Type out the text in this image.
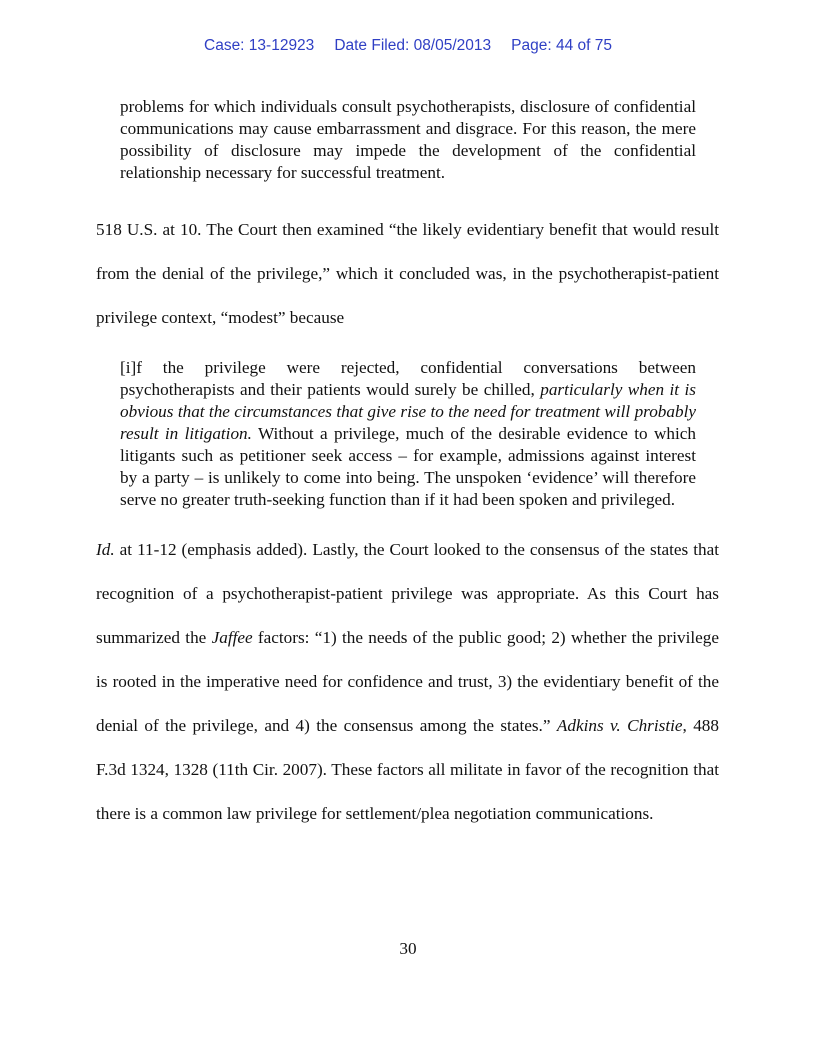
Case: 13-12923 Date Filed: 08/05/2013 Page: 44 of 75

problems for which individuals consult psychotherapists, disclosure of confidential communications may cause embarrassment and disgrace. For this reason, the mere possibility of disclosure may impede the development of the confidential relationship necessary for successful treatment.

518 U.S. at 10. The Court then examined “the likely evidentiary benefit that would result from the denial of the privilege,” which it concluded was, in the psychotherapist-patient privilege context, “modest” because

[i]f the privilege were rejected, confidential conversations between psychotherapists and their patients would surely be chilled, particularly when it is obvious that the circumstances that give rise to the need for treatment will probably result in litigation. Without a privilege, much of the desirable evidence to which litigants such as petitioner seek access – for example, admissions against interest by a party – is unlikely to come into being. The unspoken ‘evidence’ will therefore serve no greater truth-seeking function than if it had been spoken and privileged.

Id. at 11-12 (emphasis added). Lastly, the Court looked to the consensus of the states that recognition of a psychotherapist-patient privilege was appropriate. As this Court has summarized the Jaffee factors: “1) the needs of the public good; 2) whether the privilege is rooted in the imperative need for confidence and trust, 3) the evidentiary benefit of the denial of the privilege, and 4) the consensus among the states.” Adkins v. Christie, 488 F.3d 1324, 1328 (11th Cir. 2007). These factors all militate in favor of the recognition that there is a common law privilege for settlement/plea negotiation communications.

30
